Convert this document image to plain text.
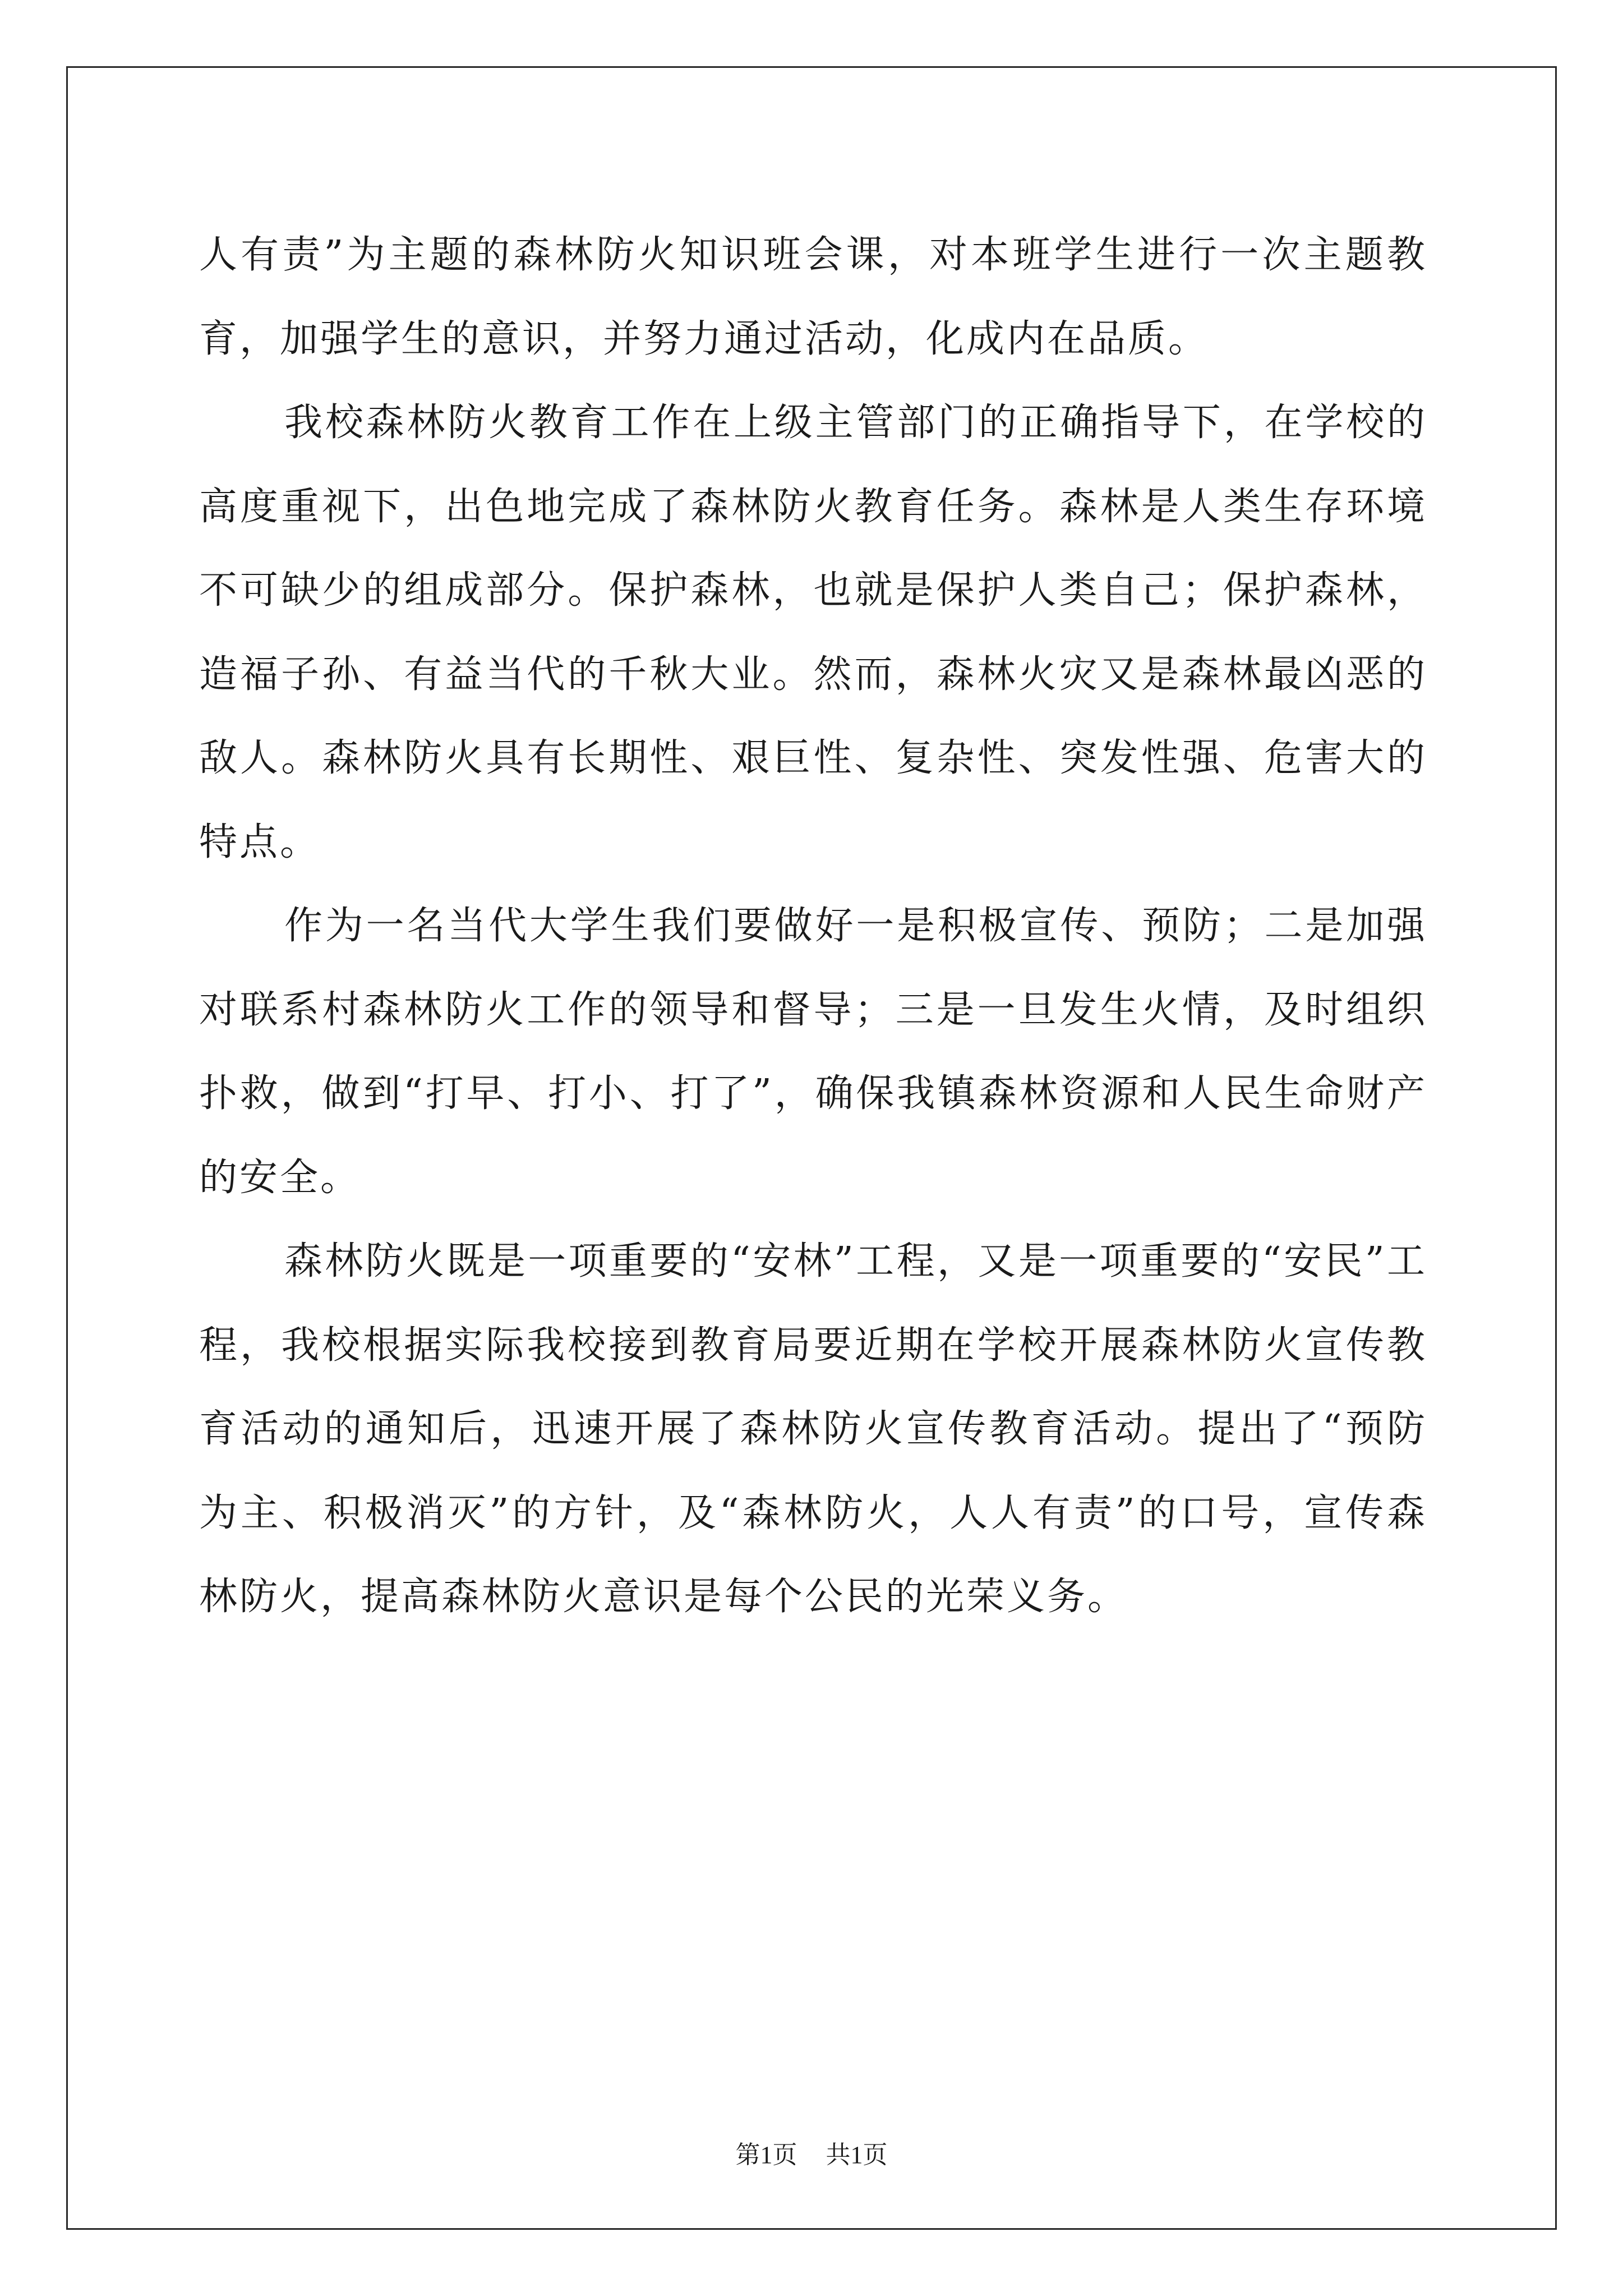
人有责”为主题的森林防火知识班会课，对本班学生进行一次主题教育，加强学生的意识，并努力通过活动，化成内在品质。

我校森林防火教育工作在上级主管部门的正确指导下，在学校的高度重视下，出色地完成了森林防火教育任务。森林是人类生存环境不可缺少的组成部分。保护森林，也就是保护人类自己；保护森林，造福子孙、有益当代的千秋大业。然而，森林火灾又是森林最凶恶的敌人。森林防火具有长期性、艰巨性、复杂性、突发性强、危害大的特点。

作为一名当代大学生我们要做好一是积极宣传、预防；二是加强对联系村森林防火工作的领导和督导；三是一旦发生火情，及时组织扑救，做到“打早、打小、打了”，确保我镇森林资源和人民生命财产的安全。

森林防火既是一项重要的“安林”工程，又是一项重要的“安民”工程，我校根据实际我校接到教育局要近期在学校开展森林防火宣传教育活动的通知后，迅速开展了森林防火宣传教育活动。提出了“预防为主、积极消灭”的方针，及“森林防火，人人有责”的口号，宣传森林防火，提高森林防火意识是每个公民的光荣义务。

第1页 共1页
